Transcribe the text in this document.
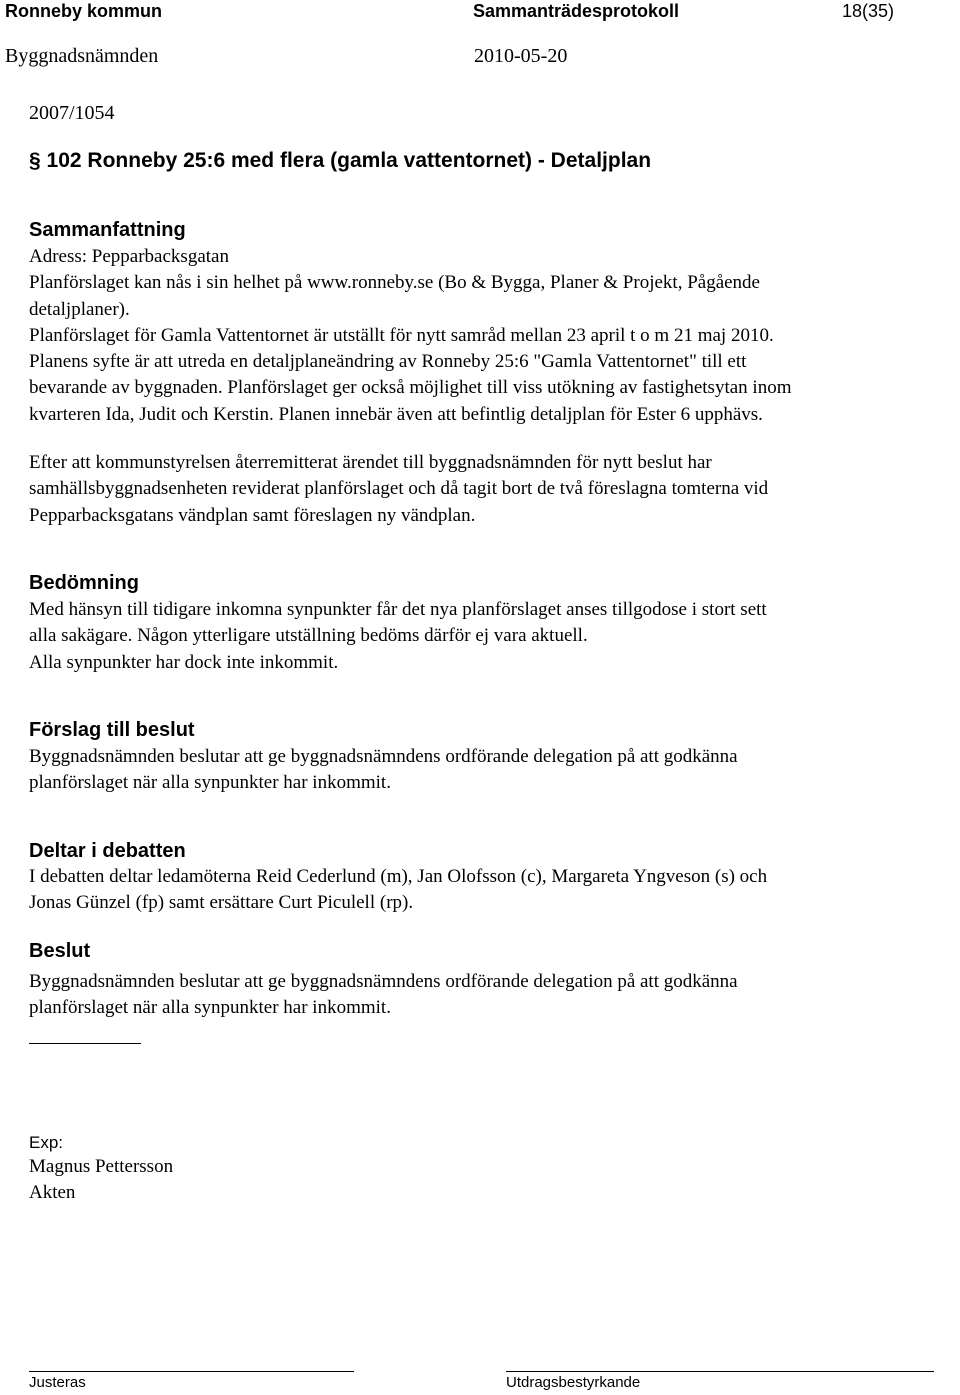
Ronneby kommun	Sammanträdesprotokoll	18(35)
Byggnadsnämnden	2010-05-20
2007/1054
§ 102 Ronneby 25:6 med flera (gamla vattentornet) - Detaljplan
Sammanfattning

Adress: Pepparbacksgatan

Planförslaget kan nås i sin helhet på www.ronneby.se (Bo & Bygga, Planer & Projekt, Pågående

detaljplaner).

Planförslaget för Gamla Vattentornet är utställt för nytt samråd mellan 23 april t o m 21 maj 2010.

Planens syfte är att utreda en detaljplaneändring av Ronneby 25:6 "Gamla Vattentornet" till ett

bevarande av byggnaden. Planförslaget ger också möjlighet till viss utökning av fastighetsytan inom

kvarteren Ida, Judit och Kerstin. Planen innebär även att befintlig detaljplan för Ester 6 upphävs.

Efter att kommunstyrelsen återremitterat ärendet till byggnadsnämnden för nytt beslut har

samhällsbyggnadsenheten reviderat planförslaget och då tagit bort de två föreslagna tomterna vid

Pepparbacksgatans vändplan samt föreslagen ny vändplan.

Bedömning

Med hänsyn till tidigare inkomna synpunkter får det nya planförslaget anses tillgodose i stort sett

alla sakägare. Någon ytterligare utställning bedöms därför ej vara aktuell.

Alla synpunkter har dock inte inkommit.

Förslag till beslut

Byggnadsnämnden beslutar att ge byggnadsnämndens ordförande delegation på att godkänna

planförslaget när alla synpunkter har inkommit.

Deltar i debatten

I debatten deltar ledamöterna Reid Cederlund (m), Jan Olofsson (c), Margareta Yngveson (s) och

Jonas Günzel (fp) samt ersättare Curt Piculell (rp).

Beslut

Byggnadsnämnden beslutar att ge byggnadsnämndens ordförande delegation på att godkänna

planförslaget när alla synpunkter har inkommit.

Exp:

Magnus Pettersson

Akten

Justeras	Utdragsbestyrkande
